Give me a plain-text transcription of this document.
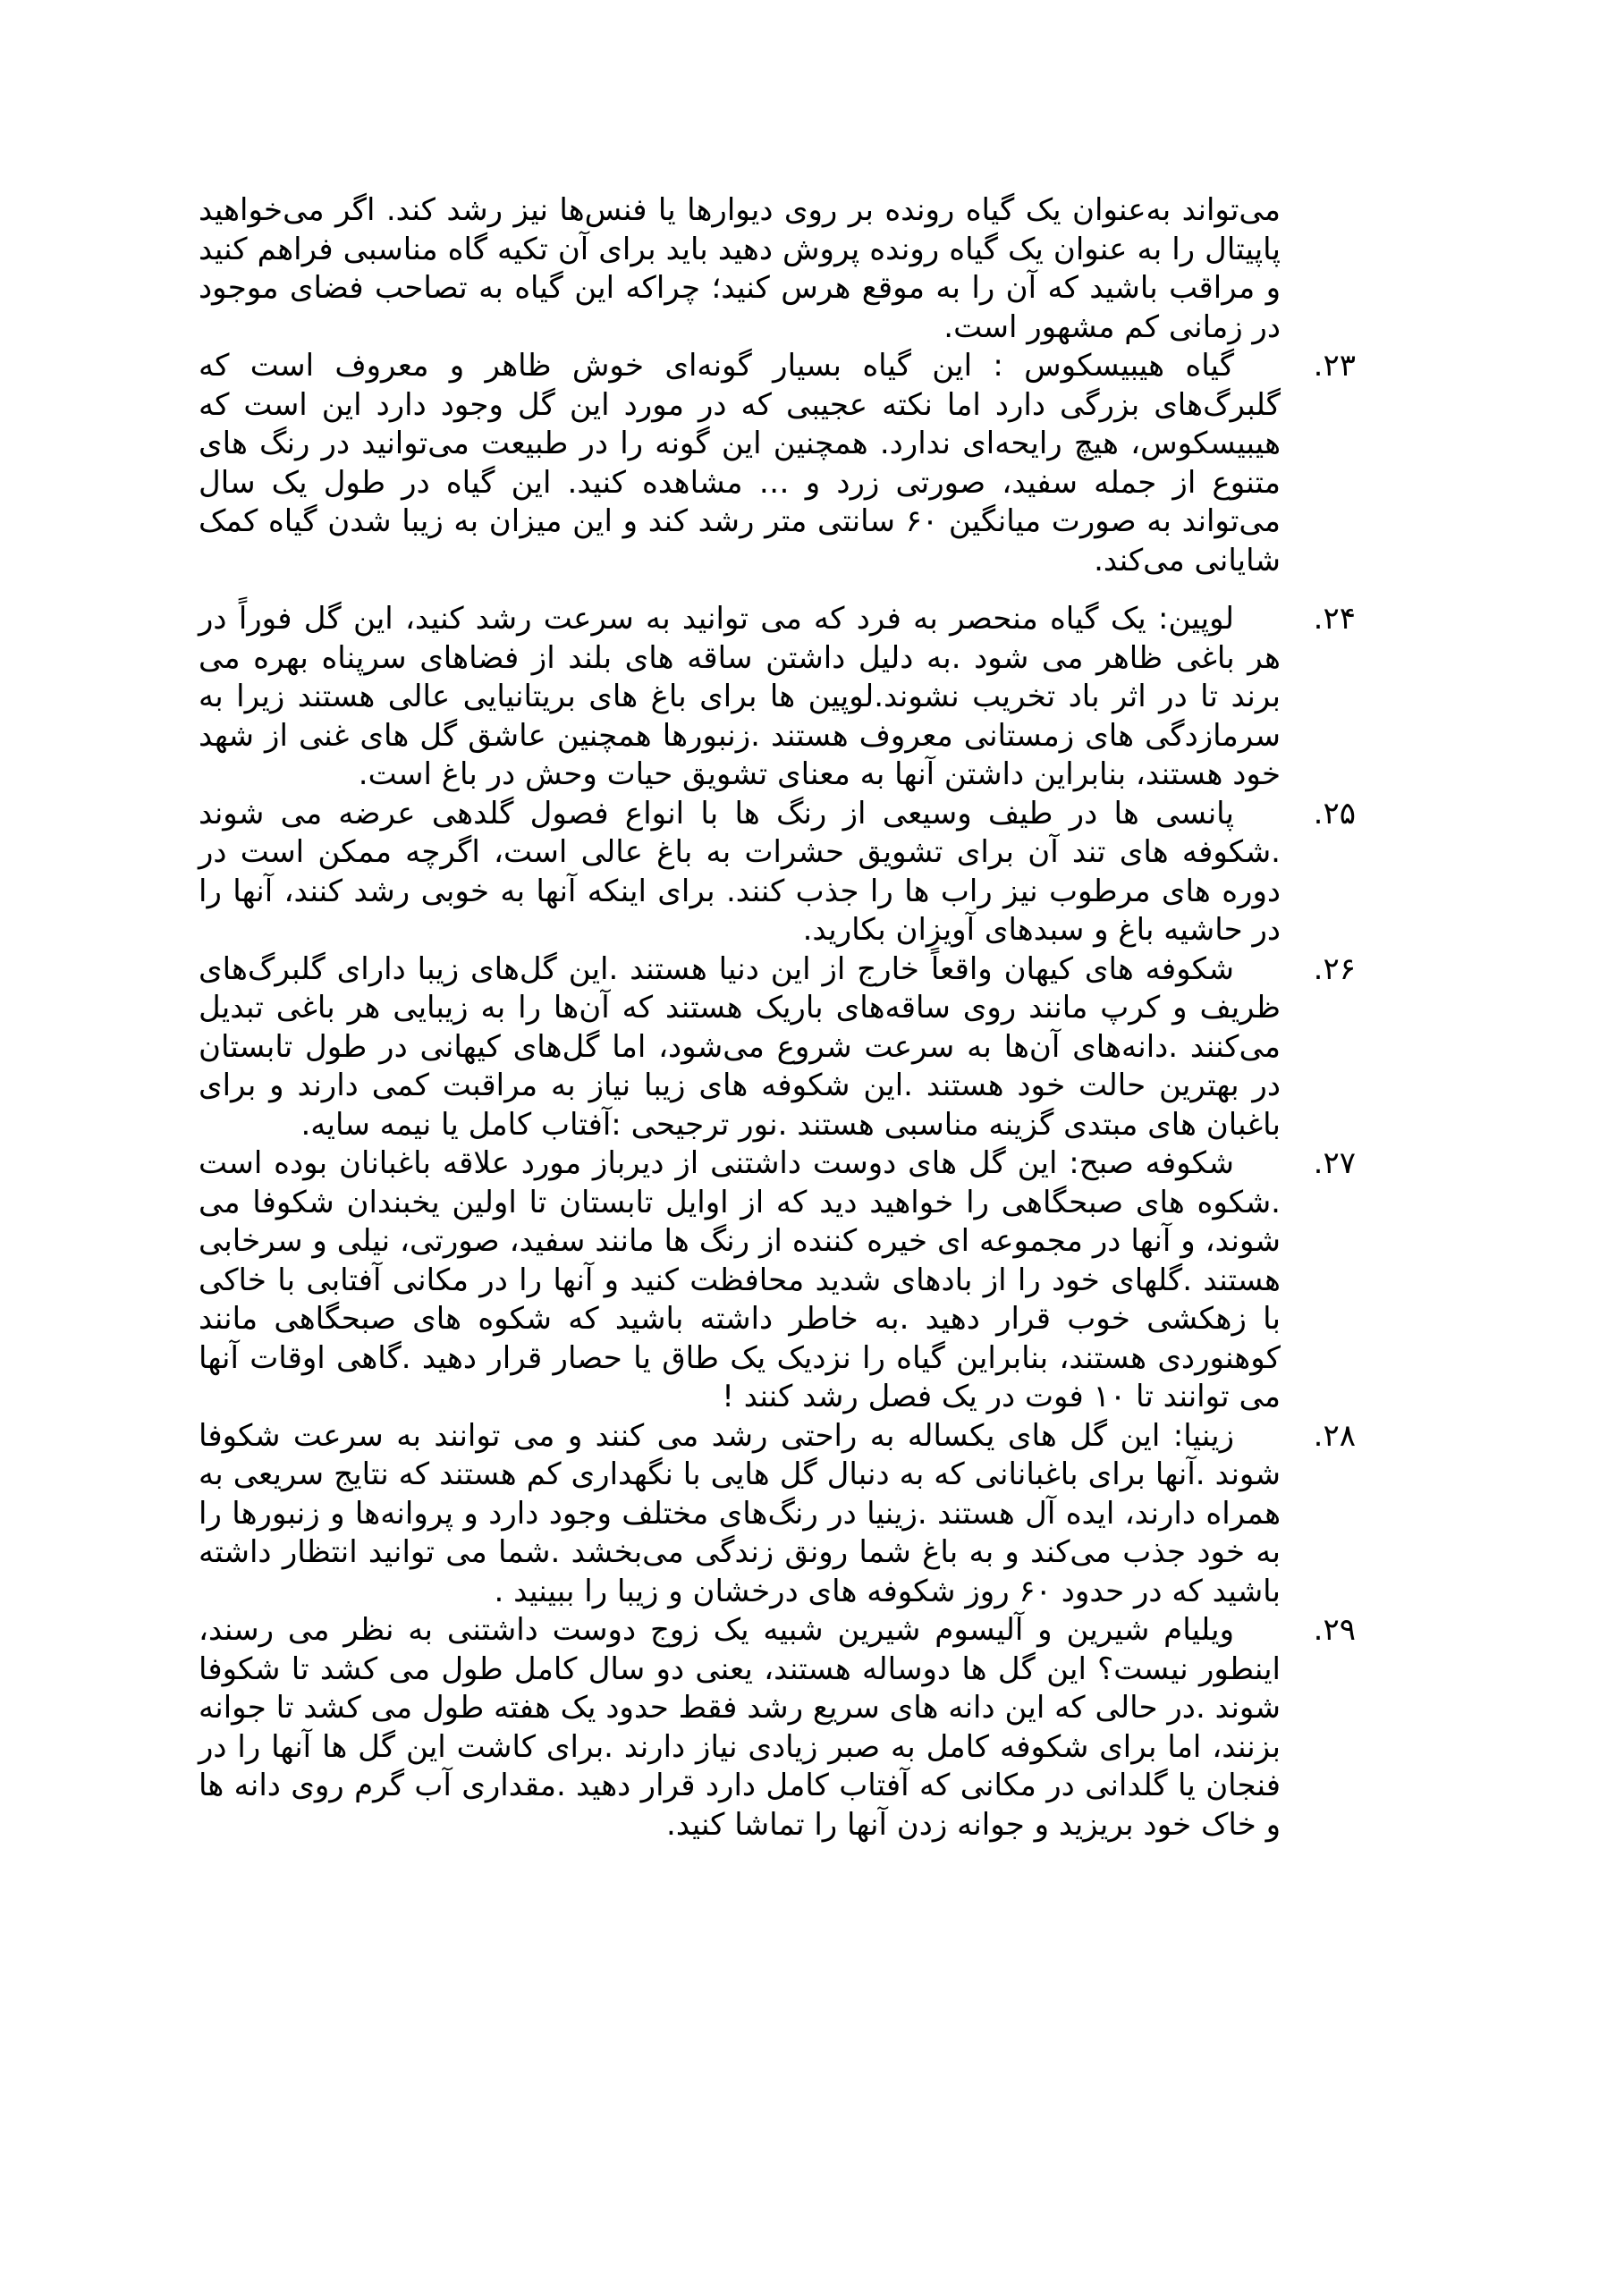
می‌تواند به‌عنوان یک گیاه رونده بر روی دیوارها یا فنس‌ها نیز رشد کند. اگر می‌خواهید پاپیتال را به عنوان یک گیاه رونده پروش دهید باید برای آن تکیه گاه مناسبی فراهم کنید و مراقب باشید که آن را به موقع هرس کنید؛ چراکه این گیاه به تصاحب فضای موجود در زمانی کم مشهور است.

۲۳.

گیاه هیبیسکوس : این گیاه بسیار گونه‌ای خوش ظاهر و معروف است که گلبرگ‌های بزرگی دارد اما نکته عجیبی که در مورد این گل وجود دارد این است که هیبیسکوس، هیچ رایحه‌ای ندارد. همچنین این گونه را در طبیعت می‌توانید در رنگ های متنوع از جمله سفید، صورتی زرد و … مشاهده کنید. این گیاه در طول یک سال می‌تواند به صورت میانگین ۶۰ سانتی متر رشد کند و این میزان به زیبا شدن گیاه کمک شایانی می‌کند.

۲۴.

لوپین: یک گیاه منحصر به فرد که می توانید به سرعت رشد کنید، این گل فوراً در هر باغی ظاهر می شود .به دلیل داشتن ساقه های بلند از فضاهای سرپناه بهره می برند تا در اثر باد تخریب نشوند.لوپین ها برای باغ های بریتانیایی عالی هستند زیرا به سرمازدگی های زمستانی معروف هستند .زنبورها همچنین عاشق گل های غنی از شهد خود هستند، بنابراین داشتن آنها به معنای تشویق حیات وحش در باغ است.

۲۵.

پانسی ها در طیف وسیعی از رنگ ها با انواع فصول گلدهی عرضه می شوند .شکوفه های تند آن برای تشویق حشرات به باغ عالی است، اگرچه ممکن است در دوره های مرطوب نیز راب ها را جذب کنند. برای اینکه آنها به خوبی رشد کنند، آنها را در حاشیه باغ و سبدهای آویزان بکارید.

۲۶.

شکوفه های کیهان واقعاً خارج از این دنیا هستند .این گل‌های زیبا دارای گلبرگ‌های ظریف و کرپ مانند روی ساقه‌های باریک هستند که آن‌ها را به زیبایی هر باغی تبدیل می‌کنند .دانه‌های آن‌ها به سرعت شروع می‌شود، اما گل‌های کیهانی در طول تابستان در بهترین حالت خود هستند .این شکوفه های زیبا نیاز به مراقبت کمی دارند و برای باغبان های مبتدی گزینه مناسبی هستند .نور ترجیحی :آفتاب کامل یا نیمه سایه.

۲۷.

شکوفه صبح: این گل های دوست داشتنی از دیرباز مورد علاقه باغبانان بوده است .شکوه های صبحگاهی را خواهید دید که از اوایل تابستان تا اولین یخبندان شکوفا می شوند، و آنها در مجموعه ای خیره کننده از رنگ ها مانند سفید، صورتی، نیلی و سرخابی هستند .گلهای خود را از بادهای شدید محافظت کنید و آنها را در مکانی آفتابی با خاکی با زهکشی خوب قرار دهید .به خاطر داشته باشید که شکوه های صبحگاهی مانند کوهنوردی هستند، بنابراین گیاه را نزدیک یک طاق یا حصار قرار دهید .گاهی اوقات آنها می توانند تا ۱۰ فوت در یک فصل رشد کنند !

۲۸.

زینیا: این گل های یکساله به راحتی رشد می کنند و می توانند به سرعت شکوفا شوند .آنها برای باغبانانی که به دنبال گل هایی با نگهداری کم هستند که نتایج سریعی به همراه دارند، ایده آل هستند .زینیا در رنگ‌های مختلف وجود دارد و پروانه‌ها و زنبورها را به خود جذب می‌کند و به باغ شما رونق زندگی می‌بخشد .شما می توانید انتظار داشته باشید که در حدود ۶۰ روز شکوفه های درخشان و زیبا را ببینید .

۲۹.

ویلیام شیرین و آلیسوم شیرین شبیه یک زوج دوست داشتنی به نظر می رسند، اینطور نیست؟ این گل ها دوساله هستند، یعنی دو سال کامل طول می کشد تا شکوفا شوند .در حالی که این دانه های سریع رشد فقط حدود یک هفته طول می کشد تا جوانه بزنند، اما برای شکوفه کامل به صبر زیادی نیاز دارند .برای کاشت این گل ها آنها را در فنجان یا گلدانی در مکانی که آفتاب کامل دارد قرار دهید .مقداری آب گرم روی دانه ها و خاک خود بریزید و جوانه زدن آنها را تماشا کنید.
